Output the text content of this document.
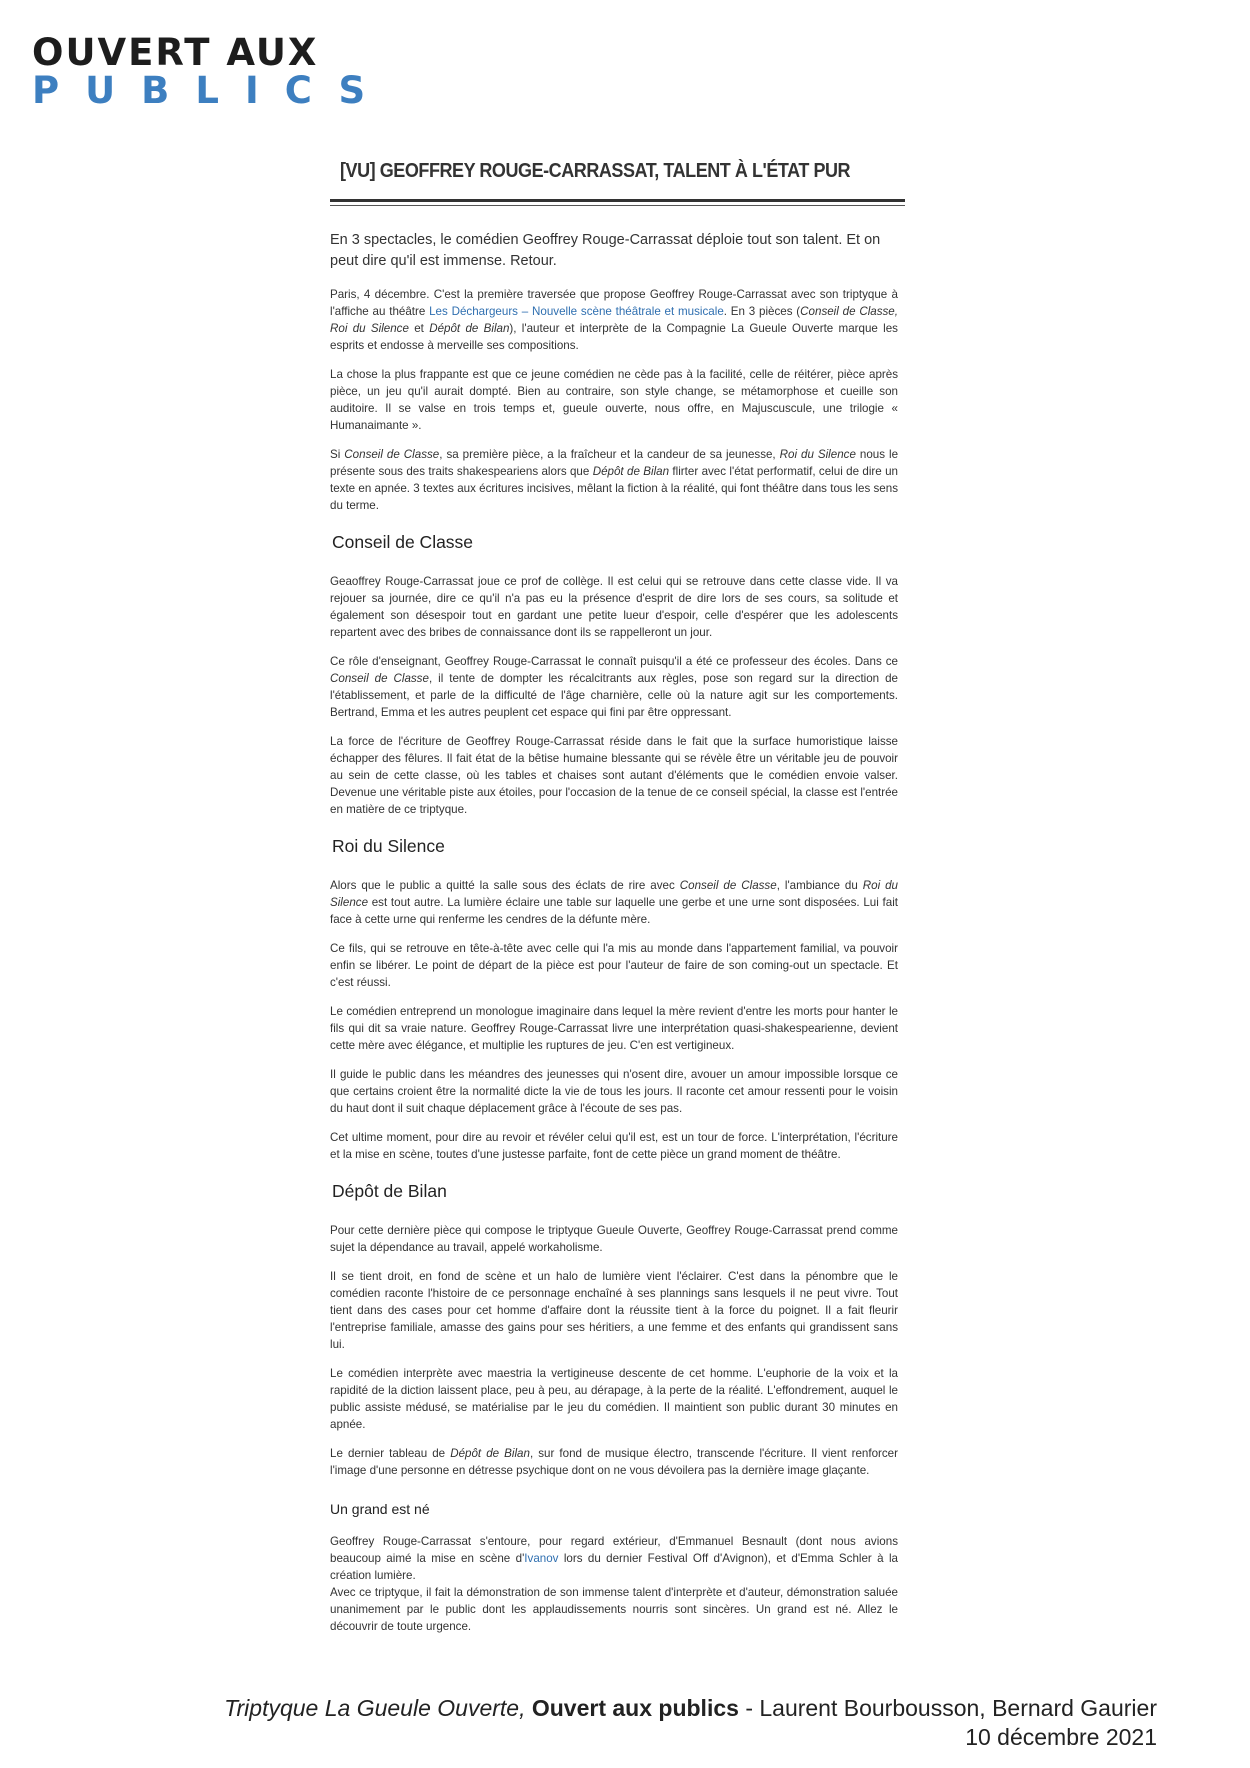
OUVERT AUX
PUBLICS
[VU] GEOFFREY ROUGE-CARRASSAT, TALENT À L'ÉTAT PUR
En 3 spectacles, le comédien Geoffrey Rouge-Carrassat déploie tout son talent. Et on peut dire qu'il est immense. Retour.

Paris, 4 décembre. C'est la première traversée que propose Geoffrey Rouge-Carrassat avec son triptyque à l'affiche au théâtre Les Déchargeurs – Nouvelle scène théâtrale et musicale. En 3 pièces (Conseil de Classe, Roi du Silence et Dépôt de Bilan), l'auteur et interprète de la Compagnie La Gueule Ouverte marque les esprits et endosse à merveille ses compositions.

La chose la plus frappante est que ce jeune comédien ne cède pas à la facilité, celle de réitérer, pièce après pièce, un jeu qu'il aurait dompté. Bien au contraire, son style change, se métamorphose et cueille son auditoire. Il se valse en trois temps et, gueule ouverte, nous offre, en Majuscuscule, une trilogie « Humanaimante ».

Si Conseil de Classe, sa première pièce, a la fraîcheur et la candeur de sa jeunesse, Roi du Silence nous le présente sous des traits shakespeariens alors que Dépôt de Bilan flirter avec l'état performatif, celui de dire un texte en apnée. 3 textes aux écritures incisives, mêlant la fiction à la réalité, qui font théâtre dans tous les sens du terme.

Conseil de Classe

Geaoffrey Rouge-Carrassat joue ce prof de collège. Il est celui qui se retrouve dans cette classe vide. Il va rejouer sa journée, dire ce qu'il n'a pas eu la présence d'esprit de dire lors de ses cours, sa solitude et également son désespoir tout en gardant une petite lueur d'espoir, celle d'espérer que les adolescents repartent avec des bribes de connaissance dont ils se rappelleront un jour.

Ce rôle d'enseignant, Geoffrey Rouge-Carrassat le connaît puisqu'il a été ce professeur des écoles. Dans ce Conseil de Classe, il tente de dompter les récalcitrants aux règles, pose son regard sur la direction de l'établissement, et parle de la difficulté de l'âge charnière, celle où la nature agit sur les comportements. Bertrand, Emma et les autres peuplent cet espace qui fini par être oppressant.

La force de l'écriture de Geoffrey Rouge-Carrassat réside dans le fait que la surface humoristique laisse échapper des fêlures. Il fait état de la bêtise humaine blessante qui se révèle être un véritable jeu de pouvoir au sein de cette classe, où les tables et chaises sont autant d'éléments que le comédien envoie valser. Devenue une véritable piste aux étoiles, pour l'occasion de la tenue de ce conseil spécial, la classe est l'entrée en matière de ce triptyque.

Roi du Silence

Alors que le public a quitté la salle sous des éclats de rire avec Conseil de Classe, l'ambiance du Roi du Silence est tout autre. La lumière éclaire une table sur laquelle une gerbe et une urne sont disposées. Lui fait face à cette urne qui renferme les cendres de la défunte mère.

Ce fils, qui se retrouve en tête-à-tête avec celle qui l'a mis au monde dans l'appartement familial, va pouvoir enfin se libérer. Le point de départ de la pièce est pour l'auteur de faire de son coming-out un spectacle. Et c'est réussi.

Le comédien entreprend un monologue imaginaire dans lequel la mère revient d'entre les morts pour hanter le fils qui dit sa vraie nature. Geoffrey Rouge-Carrassat livre une interprétation quasi-shakespearienne, devient cette mère avec élégance, et multiplie les ruptures de jeu. C'en est vertigineux.

Il guide le public dans les méandres des jeunesses qui n'osent dire, avouer un amour impossible lorsque ce que certains croient être la normalité dicte la vie de tous les jours. Il raconte cet amour ressenti pour le voisin du haut dont il suit chaque déplacement grâce à l'écoute de ses pas.

Cet ultime moment, pour dire au revoir et révéler celui qu'il est, est un tour de force. L'interprétation, l'écriture et la mise en scène, toutes d'une justesse parfaite, font de cette pièce un grand moment de théâtre.

Dépôt de Bilan

Pour cette dernière pièce qui compose le triptyque Gueule Ouverte, Geoffrey Rouge-Carrassat prend comme sujet la dépendance au travail, appelé workaholisme.

Il se tient droit, en fond de scène et un halo de lumière vient l'éclairer. C'est dans la pénombre que le comédien raconte l'histoire de ce personnage enchaîné à ses plannings sans lesquels il ne peut vivre. Tout tient dans des cases pour cet homme d'affaire dont la réussite tient à la force du poignet. Il a fait fleurir l'entreprise familiale, amasse des gains pour ses héritiers, a une femme et des enfants qui grandissent sans lui.

Le comédien interprète avec maestria la vertigineuse descente de cet homme. L'euphorie de la voix et la rapidité de la diction laissent place, peu à peu, au dérapage, à la perte de la réalité. L'effondrement, auquel le public assiste médusé, se matérialise par le jeu du comédien. Il maintient son public durant 30 minutes en apnée.

Le dernier tableau de Dépôt de Bilan, sur fond de musique électro, transcende l'écriture. Il vient renforcer l'image d'une personne en détresse psychique dont on ne vous dévoilera pas la dernière image glaçante.

Un grand est né

Geoffrey Rouge-Carrassat s'entoure, pour regard extérieur, d'Emmanuel Besnault (dont nous avions beaucoup aimé la mise en scène d'Ivanov lors du dernier Festival Off d'Avignon), et d'Emma Schler à la création lumière.

Avec ce triptyque, il fait la démonstration de son immense talent d'interprète et d'auteur, démonstration saluée unanimement par le public dont les applaudissements nourris sont sincères. Un grand est né. Allez le découvrir de toute urgence.

Triptyque La Gueule Ouverte, Ouvert aux publics - Laurent Bourbousson, Bernard Gaurier
10 décembre 2021
